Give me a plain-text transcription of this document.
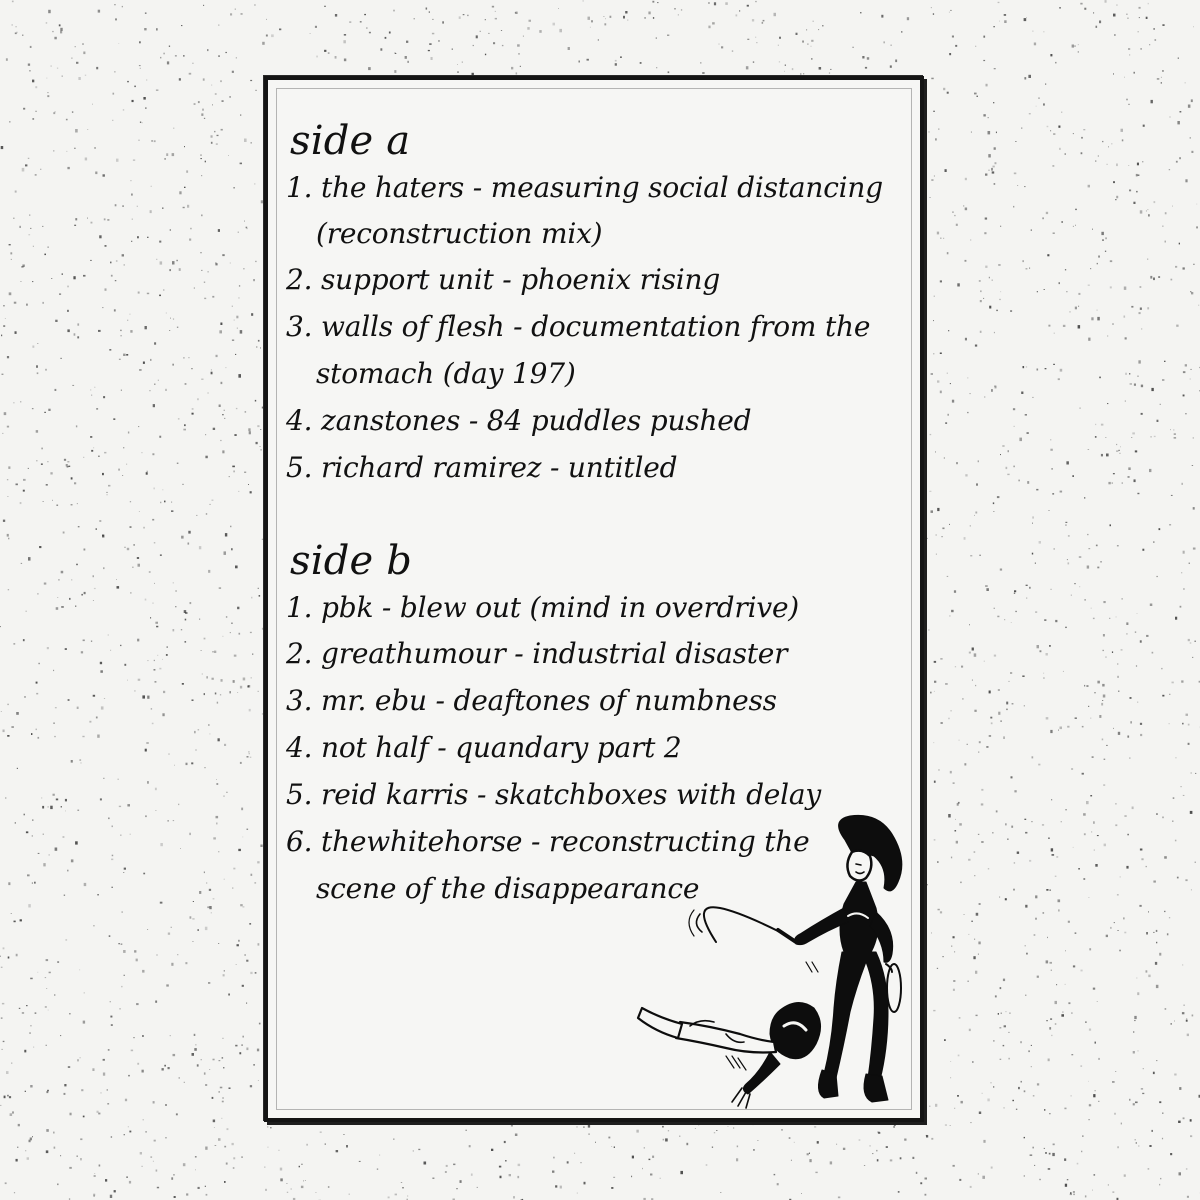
side a

1. the haters - measuring social distancing

(reconstruction mix)

2. support unit - phoenix rising

3. walls of flesh - documentation from the

stomach (day 197)

4. zanstones - 84 puddles pushed

5. richard ramirez - untitled

side b

1. pbk - blew out (mind in overdrive)

2. greathumour - industrial disaster

3. mr. ebu - deaftones of numbness

4. not half - quandary part 2

5. reid karris - skatchboxes with delay

6. thewhitehorse - reconstructing the

scene of the disappearance
